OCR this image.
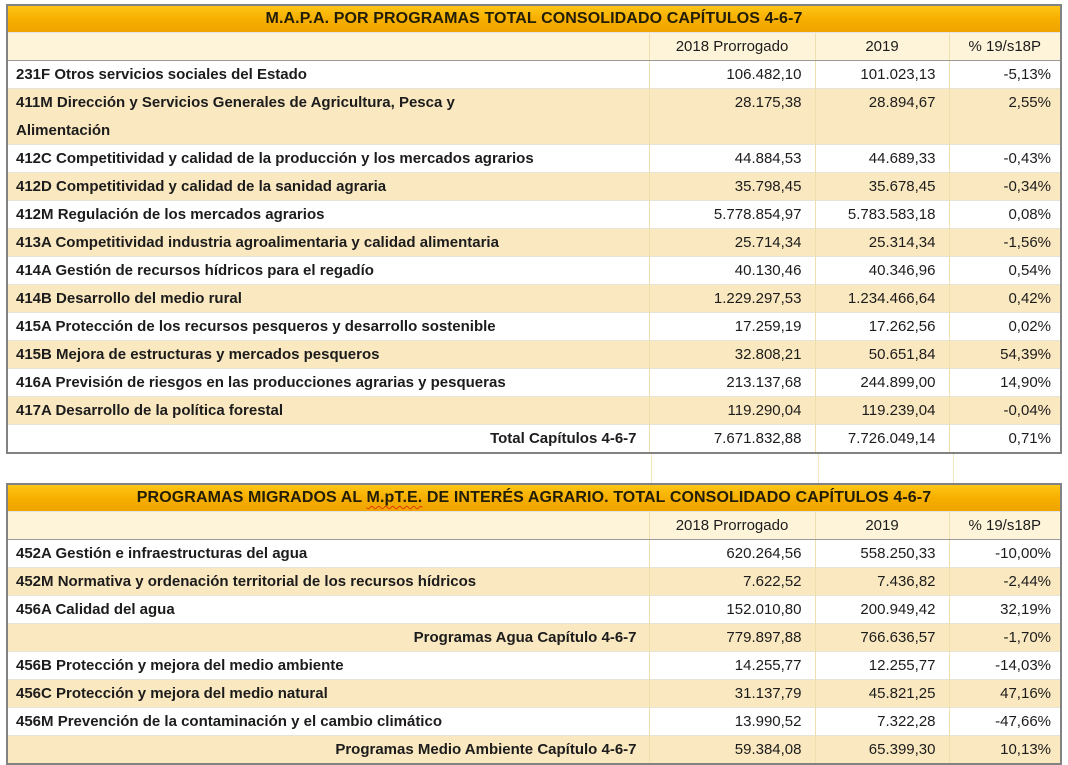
M.A.P.A. POR PROGRAMAS TOTAL CONSOLIDADO CAPÍTULOS 4-6-7
	2018 Prorrogado	2019	% 19/s18P
231F Otros servicios sociales del Estado	106.482,10	101.023,13	-5,13%

411M Dirección y Servicios Generales de Agricultura, Pesca y
Alimentación	28.175,38	28.894,67	2,55%
412C Competitividad y calidad de la producción y los mercados agrarios	44.884,53	44.689,33	-0,43%
412D Competitividad y calidad de la sanidad agraria	35.798,45	35.678,45	-0,34%
412M Regulación de los mercados agrarios	5.778.854,97	5.783.583,18	0,08%
413A Competitividad industria agroalimentaria y calidad alimentaria	25.714,34	25.314,34	-1,56%
414A Gestión de recursos hídricos para el regadío	40.130,46	40.346,96	0,54%
414B Desarrollo del medio rural	1.229.297,53	1.234.466,64	0,42%
415A Protección de los recursos pesqueros y desarrollo sostenible	17.259,19	17.262,56	0,02%
415B Mejora de estructuras y mercados pesqueros	32.808,21	50.651,84	54,39%
416A Previsión de riesgos en las producciones agrarias y pesqueras	213.137,68	244.899,00	14,90%
417A Desarrollo de la política forestal	119.290,04	119.239,04	-0,04%
Total Capítulos 4-6-7	7.671.832,88	7.726.049,14	0,71%
PROGRAMAS MIGRADOS AL M.pT.E. DE INTERÉS AGRARIO. TOTAL CONSOLIDADO CAPÍTULOS 4-6-7
	2018 Prorrogado	2019	% 19/s18P
452A Gestión e infraestructuras del agua	620.264,56	558.250,33	-10,00%
452M Normativa y ordenación territorial de los recursos hídricos	7.622,52	7.436,82	-2,44%
456A Calidad del agua	152.010,80	200.949,42	32,19%
Programas Agua Capítulo 4-6-7	779.897,88	766.636,57	-1,70%
456B Protección y mejora del medio ambiente	14.255,77	12.255,77	-14,03%
456C Protección y mejora del medio natural	31.137,79	45.821,25	47,16%
456M Prevención de la contaminación y el cambio climático	13.990,52	7.322,28	-47,66%
Programas Medio Ambiente Capítulo 4-6-7	59.384,08	65.399,30	10,13%
